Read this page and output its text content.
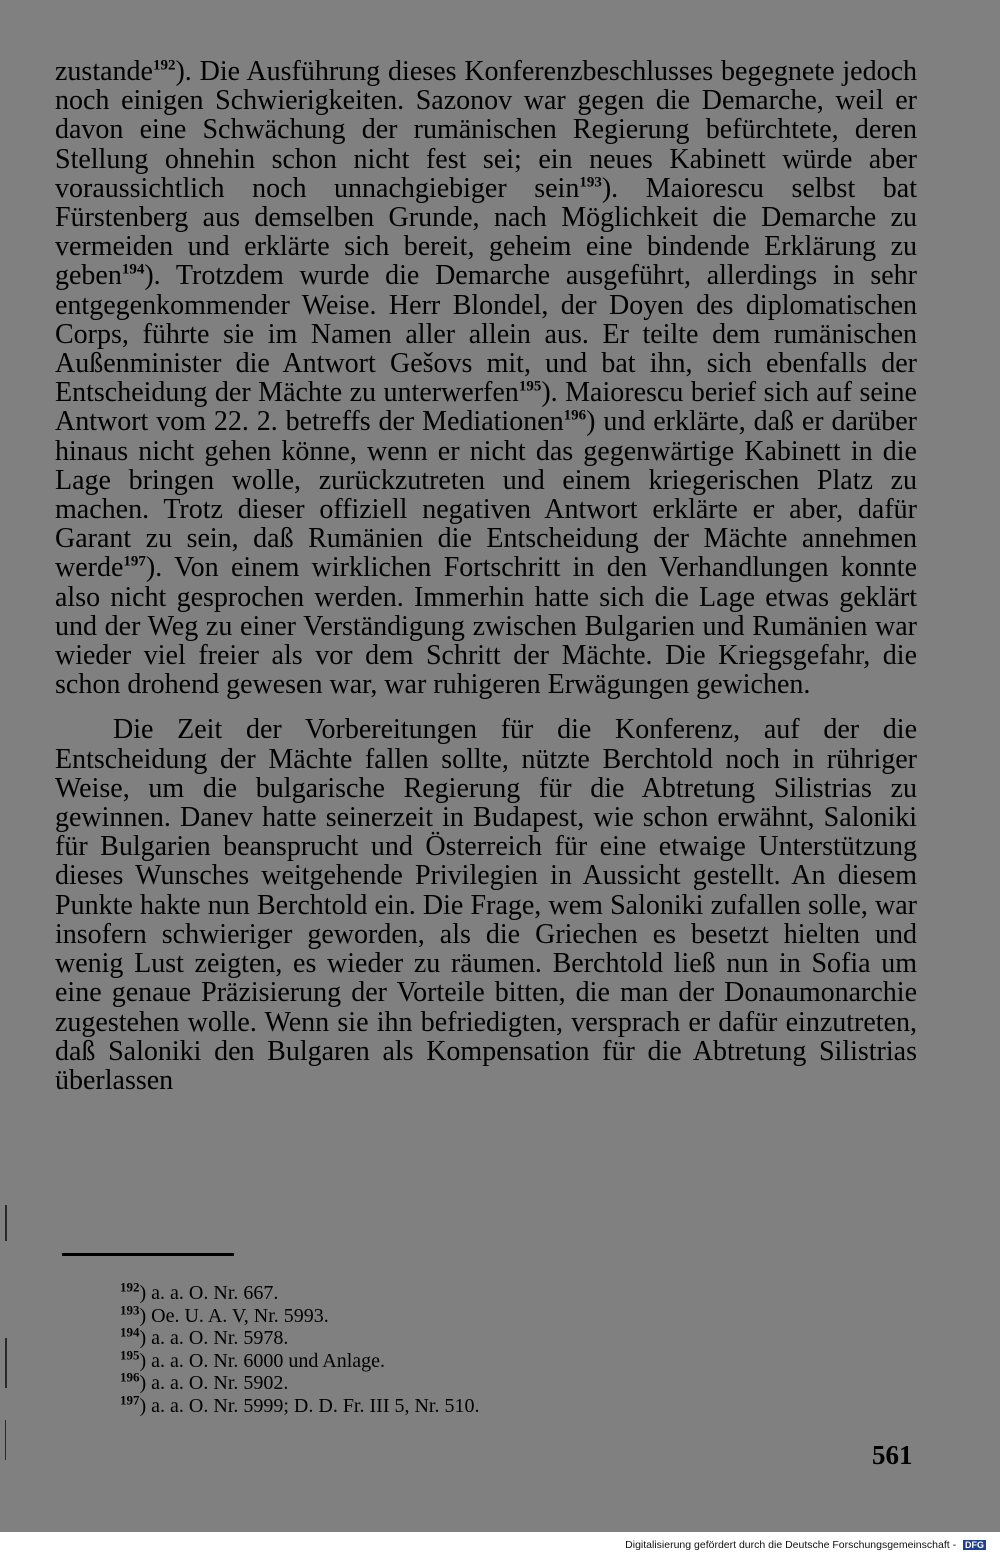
zustande$^{192}$). Die Ausführung dieses Konferenzbeschlusses begegnete jedoch noch einigen Schwierigkeiten. Sazonov war gegen die Demarche, weil er davon eine Schwächung der rumänischen Regierung befürchtete, deren Stellung ohnehin schon nicht fest sei; ein neues Kabinett würde aber voraussichtlich noch unnachgiebiger sein$^{193}$). Maiorescu selbst bat Fürstenberg aus demselben Grunde, nach Möglichkeit die Demarche zu vermeiden und erklärte sich bereit, geheim eine bindende Erklärung zu geben$^{194}$). Trotzdem wurde die Demarche ausgeführt, allerdings in sehr entgegenkommender Weise. Herr Blondel, der Doyen des diplomatischen Corps, führte sie im Namen aller allein aus. Er teilte dem rumänischen Außenminister die Antwort Gešovs mit, und bat ihn, sich ebenfalls der Entscheidung der Mächte zu unterwerfen$^{195}$). Maiorescu berief sich auf seine Antwort vom 22. 2. betreffs der Mediationen$^{196}$) und erklärte, daß er darüber hinaus nicht gehen könne, wenn er nicht das gegenwärtige Kabinett in die Lage bringen wolle, zurückzutreten und einem kriegerischen Platz zu machen. Trotz dieser offiziell negativen Antwort erklärte er aber, dafür Garant zu sein, daß Rumänien die Entscheidung der Mächte annehmen werde$^{197}$). Von einem wirklichen Fortschritt in den Verhandlungen konnte also nicht gesprochen werden. Immerhin hatte sich die Lage etwas geklärt und der Weg zu einer Verständigung zwischen Bulgarien und Rumänien war wieder viel freier als vor dem Schritt der Mächte. Die Kriegsgefahr, die schon drohend gewesen war, war ruhigeren Erwägungen gewichen.

Die Zeit der Vorbereitungen für die Konferenz, auf der die Entscheidung der Mächte fallen sollte, nützte Berchtold noch in rühriger Weise, um die bulgarische Regierung für die Abtretung Silistrias zu gewinnen. Danev hatte seinerzeit in Budapest, wie schon erwähnt, Saloniki für Bulgarien beansprucht und Österreich für eine etwaige Unterstützung dieses Wunsches weitgehende Privilegien in Aussicht gestellt. An diesem Punkte hakte nun Berchtold ein. Die Frage, wem Saloniki zufallen solle, war insofern schwieriger geworden, als die Griechen es besetzt hielten und wenig Lust zeigten, es wieder zu räumen. Berchtold ließ nun in Sofia um eine genaue Präzisierung der Vorteile bitten, die man der Donaumonarchie zugestehen wolle. Wenn sie ihn befriedigten, versprach er dafür einzutreten, daß Saloniki den Bulgaren als Kompensation für die Abtretung Silistrias überlassen

$^{192}$) a. a. O. Nr. 667.
$^{193}$) Oe. U. A. V, Nr. 5993.
$^{194}$) a. a. O. Nr. 5978.
$^{195}$) a. a. O. Nr. 6000 und Anlage.
$^{196}$) a. a. O. Nr. 5902.
$^{197}$) a. a. O. Nr. 5999; D. D. Fr. III 5, Nr. 510.
561
Digitalisierung gefördert durch die Deutsche Forschungsgemeinschaft - DFG
